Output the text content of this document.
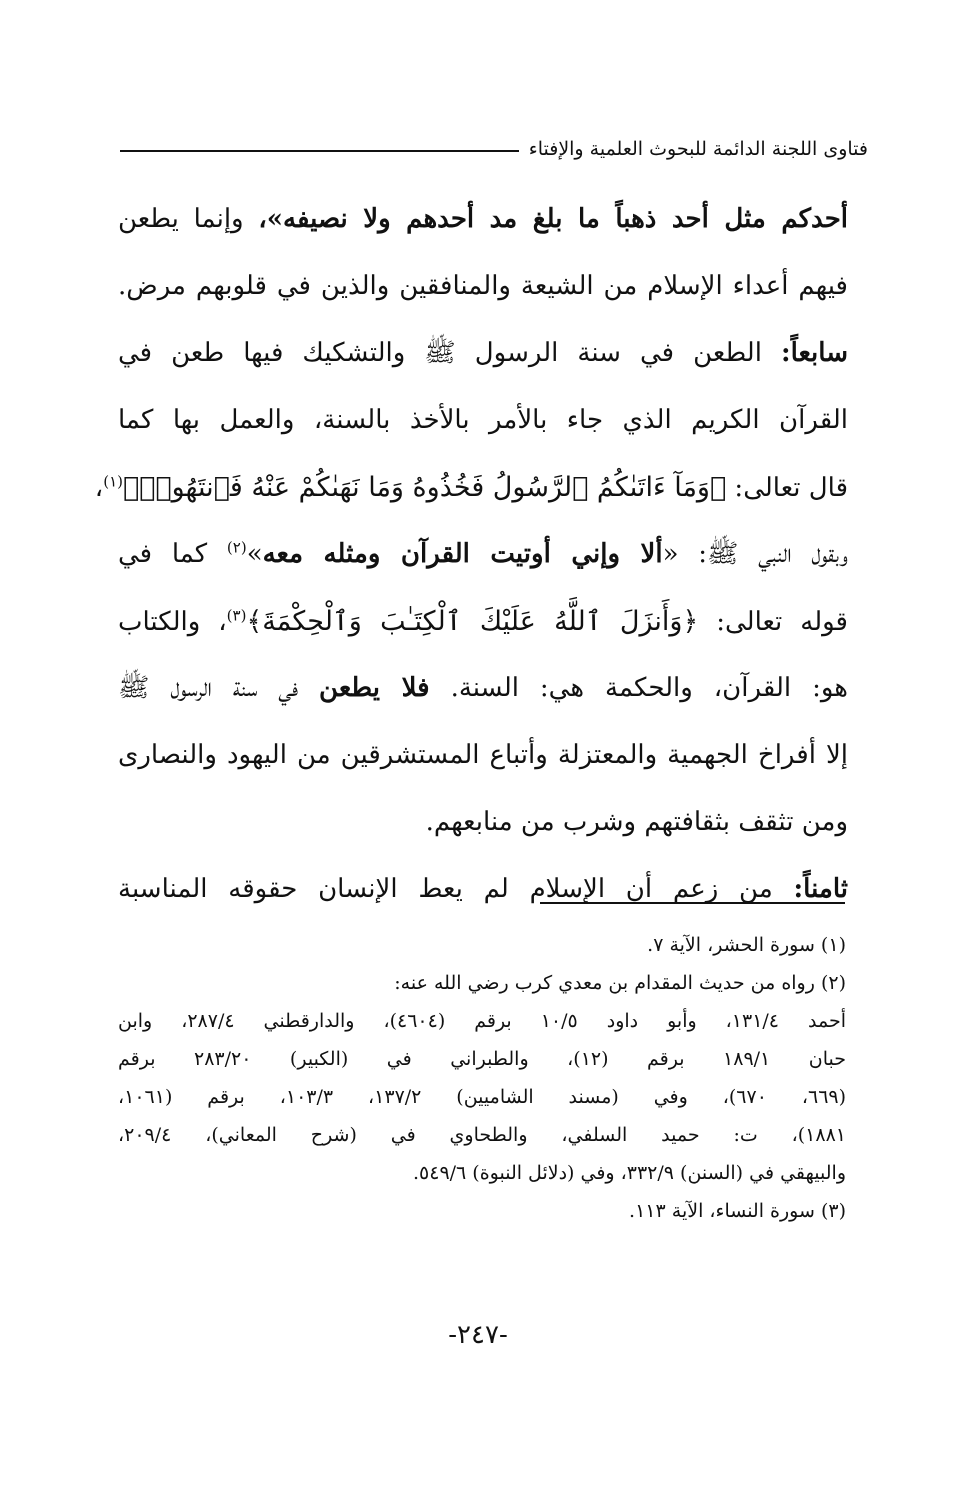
فتاوى اللجنة الدائمة للبحوث العلمية والإفتاء
أحدكم مثل أحد ذهباً ما بلغ مد أحدهم ولا نصيفه»، وإنما يطعن
فيهم أعداء الإسلام من الشيعة والمنافقين والذين في قلوبهم مرض.
سابعاً: الطعن في سنة الرسول ﷺ والتشكيك فيها طعن في
القرآن الكريم الذي جاء بالأمر بالأخذ بالسنة، والعمل بها كما
قال تعالى: ﴿وَمَآ ءَاتَىٰكُمُ ٱلرَّسُولُ فَخُذُوهُ وَمَا نَهَىٰكُمْ عَنْهُ فَٱنتَهُوا۟﴾$^{(١)}$،
وبقول النبي ﷺ: «ألا وإني أوتيت القرآن ومثله معه»$^{(٢)}$ كما في
قوله تعالى: ﴿وَأَنزَلَ ٱللَّهُ عَلَيْكَ ٱلْكِتَـٰبَ وَٱلْحِكْمَةَ﴾$^{(٣)}$، والكتاب
هو: القرآن، والحكمة هي: السنة. فلا يطعن في سنة الرسول ﷺ
إلا أفراخ الجهمية والمعتزلة وأتباع المستشرقين من اليهود والنصارى
ومن تثقف بثقافتهم وشرب من منابعهم.
ثامناً: من زعم أن الإسلام لم يعط الإنسان حقوقه المناسبة
(١) سورة الحشر، الآية ٧.
(٢) رواه من حديث المقدام بن معدي كرب رضي الله عنه:
أحمد ١٣١/٤، وأبو داود ١٠/٥ برقم (٤٦٠٤)، والدارقطني ٢٨٧/٤، وابن
حبان ١٨٩/١ برقم (١٢)، والطبراني في (الكبير) ٢٨٣/٢٠ برقم
(٦٦٩، ٦٧٠)، وفي (مسند الشاميين) ١٣٧/٢، ١٠٣/٣، برقم (١٠٦١،
١٨٨١)، ت: حميد السلفي، والطحاوي في (شرح المعاني)، ٢٠٩/٤،
والبيهقي في (السنن) ٣٣٢/٩، وفي (دلائل النبوة) ٥٤٩/٦.
(٣) سورة النساء، الآية ١١٣.
-٢٤٧-
